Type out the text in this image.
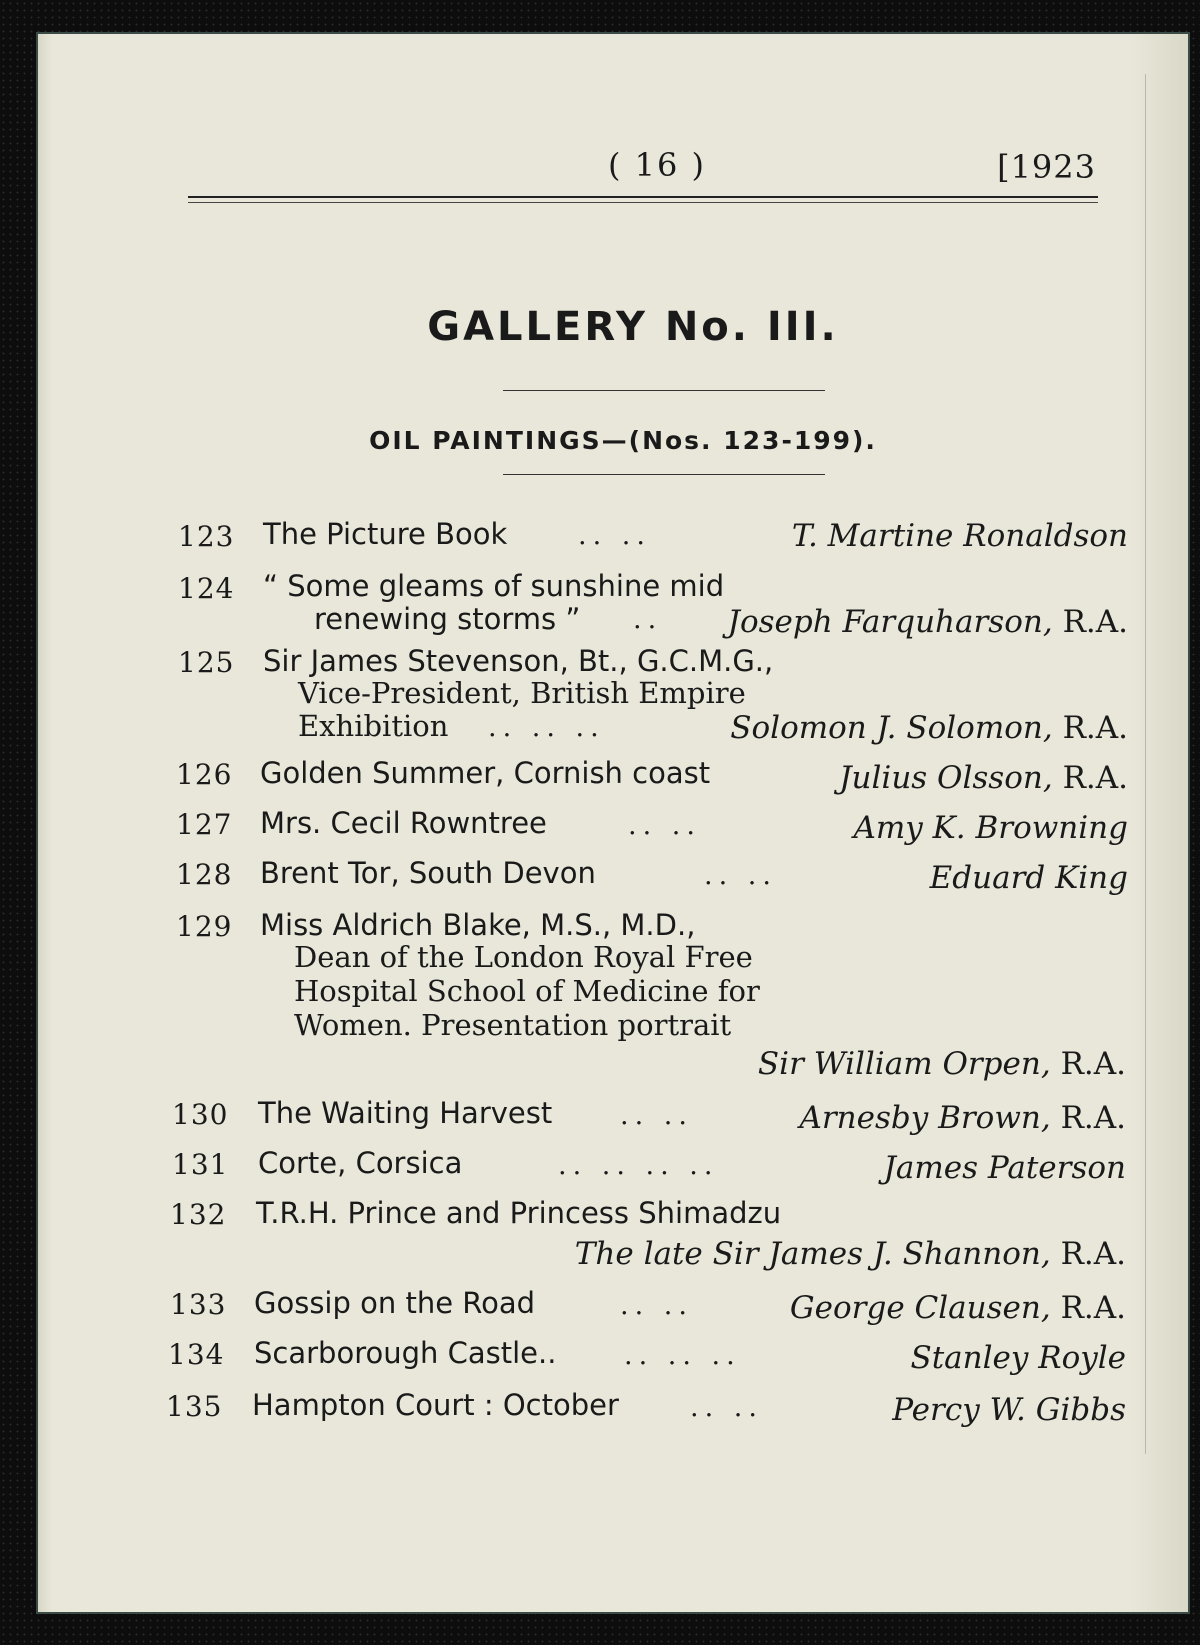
( 16 )	[1923
GALLERY No. III.
OIL PAINTINGS—(Nos. 123-199).
123 The Picture Book	.. ..	T. Martine Ronaldson
124 “ Some gleams of sunshine mid
renewing storms ” .. Joseph Farquharson, R.A.
125 Sir James Stevenson, Bt., G.C.M.G.,
Vice-President, British Empire
Exhibition .. .. ..	Solomon J. Solomon, R.A.
126 Golden Summer, Cornish coast	Julius Olsson, R.A.
127 Mrs. Cecil Rowntree	.. ..	Amy K. Browning
128 Brent Tor, South Devon	.. ..	Eduard King
129 Miss Aldrich Blake, M.S., M.D.,
Dean of the London Royal Free
Hospital School of Medicine for
Women. Presentation portrait
Sir William Orpen, R.A.
130 The Waiting Harvest	.. ..	Arnesby Brown, R.A.
131 Corte, Corsica	.. .. .. ..	James Paterson
132 T.R.H. Prince and Princess Shimadzu
The late Sir James J. Shannon, R.A.
133 Gossip on the Road	.. ..	George Clausen, R.A.
134 Scarborough Castle..	.. .. ..	Stanley Royle
135 Hampton Court : October	.. ..	Percy W. Gibbs
